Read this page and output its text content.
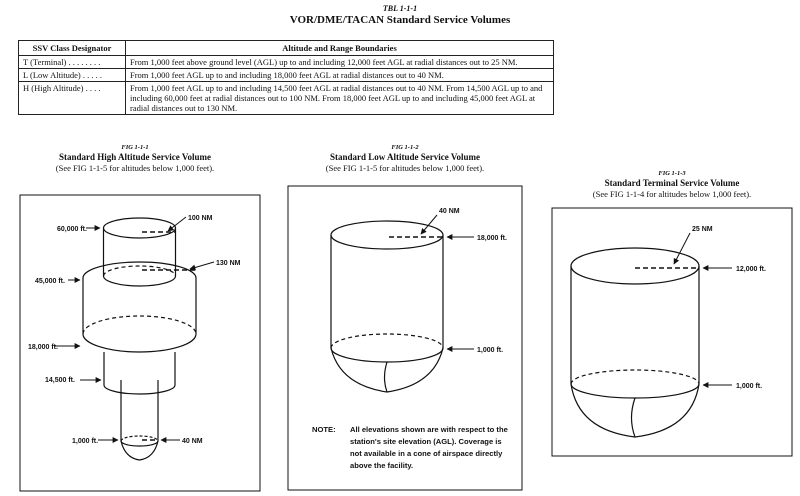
TBL 1-1-1
VOR/DME/TACAN Standard Service Volumes
SSV Class Designator	Altitude and Range Boundaries
T (Terminal) . . . . . . . .	From 1,000 feet above ground level (AGL) up to and including 12,000 feet AGL at radial distances out to 25 NM.
L (Low Altitude) . . . . .	From 1,000 feet AGL up to and including 18,000 feet AGL at radial distances out to 40 NM.
H (High Altitude) . . . .	From 1,000 feet AGL up to and including 14,500 feet AGL at radial distances out to 40 NM. From 14,500 AGL up to and including 60,000 feet at radial distances out to 100 NM. From 18,000 feet AGL up to and including 45,000 feet AGL at radial distances out to 130 NM.
FIG 1-1-1
Standard High Altitude Service Volume
(See FIG 1-1-5 for altitudes below 1,000 feet).
FIG 1-1-2
Standard Low Altitude Service Volume
(See FIG 1-1-5 for altitudes below 1,000 feet).
FIG 1-1-3
Standard Terminal Service Volume
(See FIG 1-1-4 for altitudes below 1,000 feet).
60,000 ft.
45,000 ft.
18,000 ft.
14,500 ft.
1,000 ft.
100 NM
130 NM
40 NM
40 NM
18,000 ft.
1,000 ft.
25 NM
12,000 ft.
1,000 ft.
NOTE: All elevations shown are with respect to the station's site elevation (AGL). Coverage is not available in a cone of airspace directly above the facility.
